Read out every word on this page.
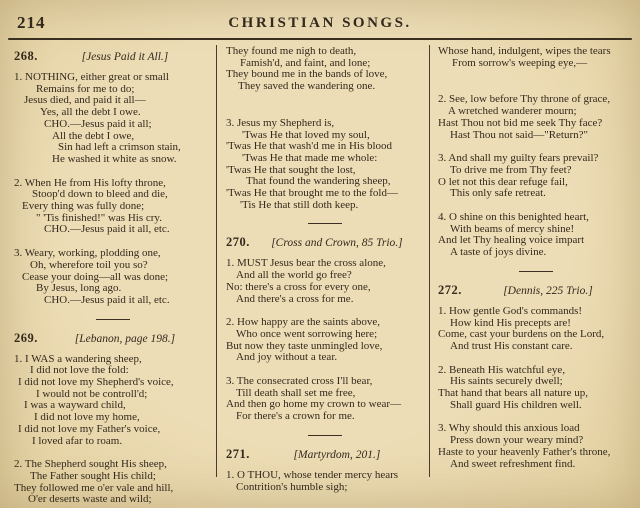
214	CHRISTIAN SONGS.
268.	[Jesus Paid it All.]
1. NOTHING, either great or small
Remains for me to do;
Jesus died, and paid it all—
Yes, all the debt I owe.
CHO.—Jesus paid it all;
All the debt I owe,
Sin had left a crimson stain,
He washed it white as snow.
2. When He from His lofty throne,
Stoop'd down to bleed and die,
Every thing was fully done;
" 'Tis finished!" was His cry.
CHO.—Jesus paid it all, etc.
3. Weary, working, plodding one,
Oh, wherefore toil you so?
Cease your doing—all was done;
By Jesus, long ago.
CHO.—Jesus paid it all, etc.
269.	[Lebanon, page 198.]
1. I WAS a wandering sheep,
I did not love the fold:
I did not love my Shepherd's voice,
I would not be controll'd;
I was a wayward child,
I did not love my home,
I did not love my Father's voice,
I loved afar to roam.
2. The Shepherd sought His sheep,
The Father sought His child;
They followed me o'er vale and hill,
O'er deserts waste and wild;
They found me nigh to death,
Famish'd, and faint, and lone;
They bound me in the bands of love,
They saved the wandering one.
3. Jesus my Shepherd is,
'Twas He that loved my soul,
'Twas He that wash'd me in His blood
'Twas He that made me whole:
'Twas He that sought the lost,
That found the wandering sheep,
'Twas He that brought me to the fold—
'Tis He that still doth keep.
270.	[Cross and Crown, 85 Trio.]
1. MUST Jesus bear the cross alone,
And all the world go free?
No: there's a cross for every one,
And there's a cross for me.
2. How happy are the saints above,
Who once went sorrowing here;
But now they taste unmingled love,
And joy without a tear.
3. The consecrated cross I'll bear,
Till death shall set me free,
And then go home my crown to wear—
For there's a crown for me.
271.	[Martyrdom, 201.]
1. O THOU, whose tender mercy hears
Contrition's humble sigh;
Whose hand, indulgent, wipes the tears
From sorrow's weeping eye,—
2. See, low before Thy throne of grace,
A wretched wanderer mourn;
Hast Thou not bid me seek Thy face?
Hast Thou not said—"Return?"
3. And shall my guilty fears prevail?
To drive me from Thy feet?
O let not this dear refuge fail,
This only safe retreat.
4. O shine on this benighted heart,
With beams of mercy shine!
And let Thy healing voice impart
A taste of joys divine.
272.	[Dennis, 225 Trio.]
1. How gentle God's commands!
How kind His precepts are!
Come, cast your burdens on the Lord,
And trust His constant care.
2. Beneath His watchful eye,
His saints securely dwell;
That hand that bears all nature up,
Shall guard His children well.
3. Why should this anxious load
Press down your weary mind?
Haste to your heavenly Father's throne,
And sweet refreshment find.
